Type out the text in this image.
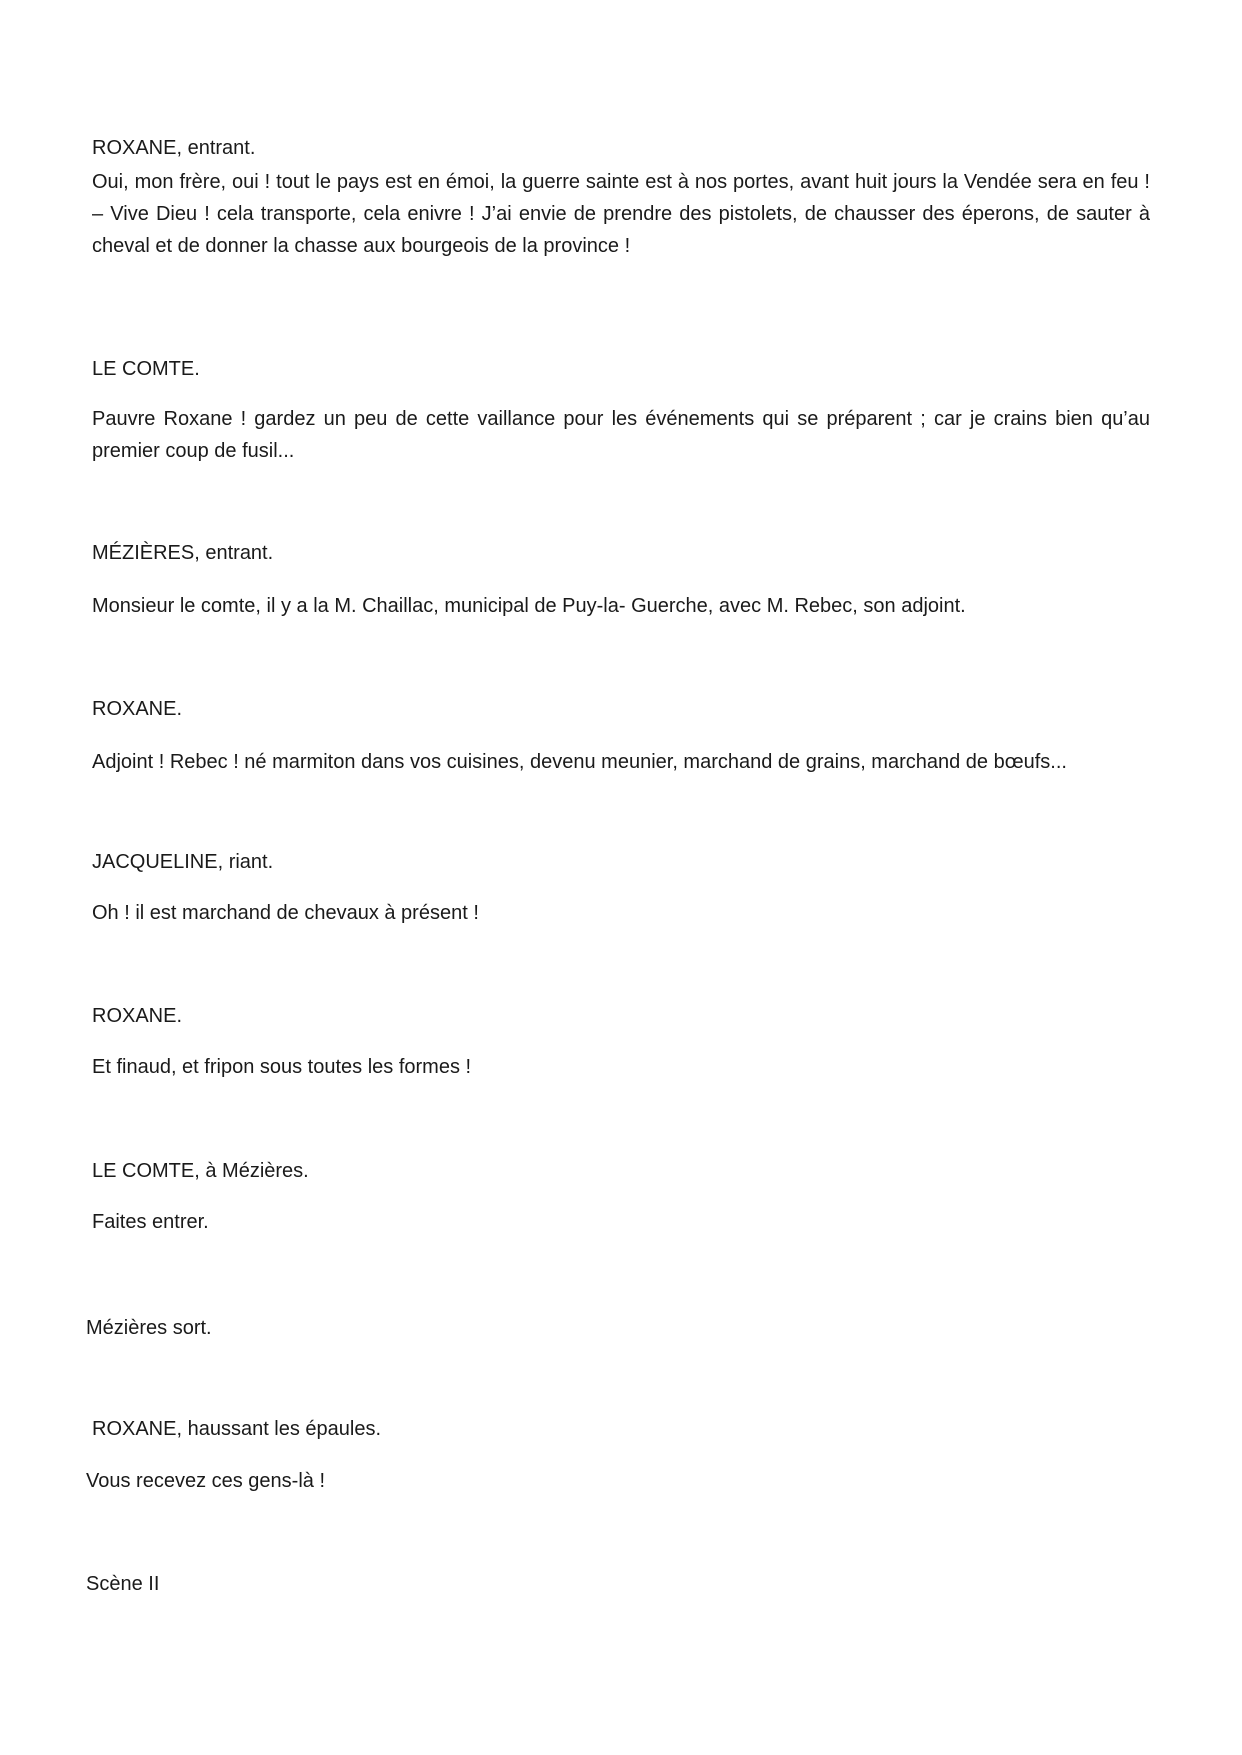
ROXANE, entrant.

Oui, mon frère, oui ! tout le pays est en émoi, la guerre sainte est à nos portes, avant huit jours la Vendée sera en feu ! – Vive Dieu ! cela transporte, cela enivre ! J’ai envie de prendre des pistolets, de chausser des éperons, de sauter à cheval et de donner la chasse aux bourgeois de la province !

LE COMTE.

Pauvre Roxane ! gardez un peu de cette vaillance pour les événements qui se préparent ; car je crains bien qu’au premier coup de fusil...

MÉZIÈRES, entrant.

Monsieur le comte, il y a la M. Chaillac, municipal de Puy-la- Guerche, avec M. Rebec, son adjoint.

ROXANE.

Adjoint ! Rebec ! né marmiton dans vos cuisines, devenu meunier, marchand de grains, marchand de bœufs...

JACQUELINE, riant.

Oh ! il est marchand de chevaux à présent !

ROXANE.

Et finaud, et fripon sous toutes les formes !

LE COMTE, à Mézières.

Faites entrer.

Mézières sort.

ROXANE, haussant les épaules.

Vous recevez ces gens-là !

Scène II
